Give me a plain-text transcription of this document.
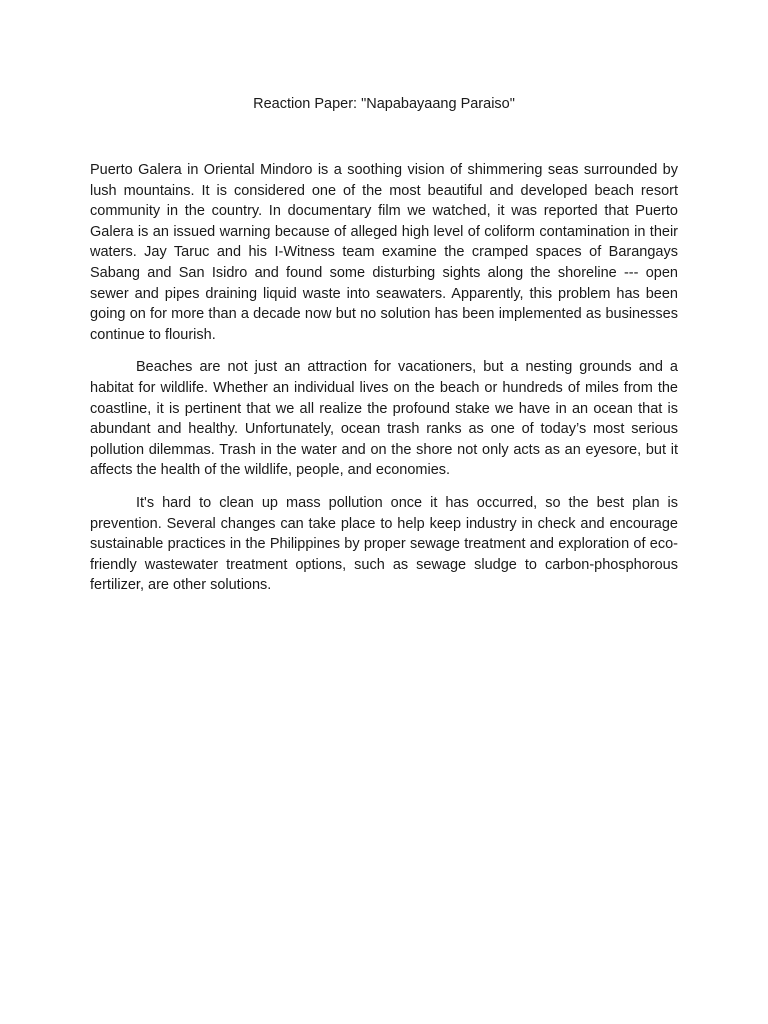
Reaction Paper: "Napabayaang Paraiso"

Puerto Galera in Oriental Mindoro is a soothing vision of shimmering seas surrounded by lush mountains. It is considered one of the most beautiful and developed beach resort community in the country. In documentary film we watched, it was reported that Puerto Galera is an issued warning because of alleged high level of coliform contamination in their waters. Jay Taruc and his I-Witness team examine the cramped spaces of Barangays Sabang and San Isidro and found some disturbing sights along the shoreline --- open sewer and pipes draining liquid waste into seawaters. Apparently, this problem has been going on for more than a decade now but no solution has been implemented as businesses continue to flourish.

Beaches are not just an attraction for vacationers, but a nesting grounds and a habitat for wildlife. Whether an individual lives on the beach or hundreds of miles from the coastline, it is pertinent that we all realize the profound stake we have in an ocean that is abundant and healthy. Unfortunately, ocean trash ranks as one of today’s most serious pollution dilemmas. Trash in the water and on the shore not only acts as an eyesore, but it affects the health of the wildlife, people, and economies.

It's hard to clean up mass pollution once it has occurred, so the best plan is prevention. Several changes can take place to help keep industry in check and encourage sustainable practices in the Philippines by proper sewage treatment and exploration of eco-friendly wastewater treatment options, such as sewage sludge to carbon-phosphorous fertilizer, are other solutions.
